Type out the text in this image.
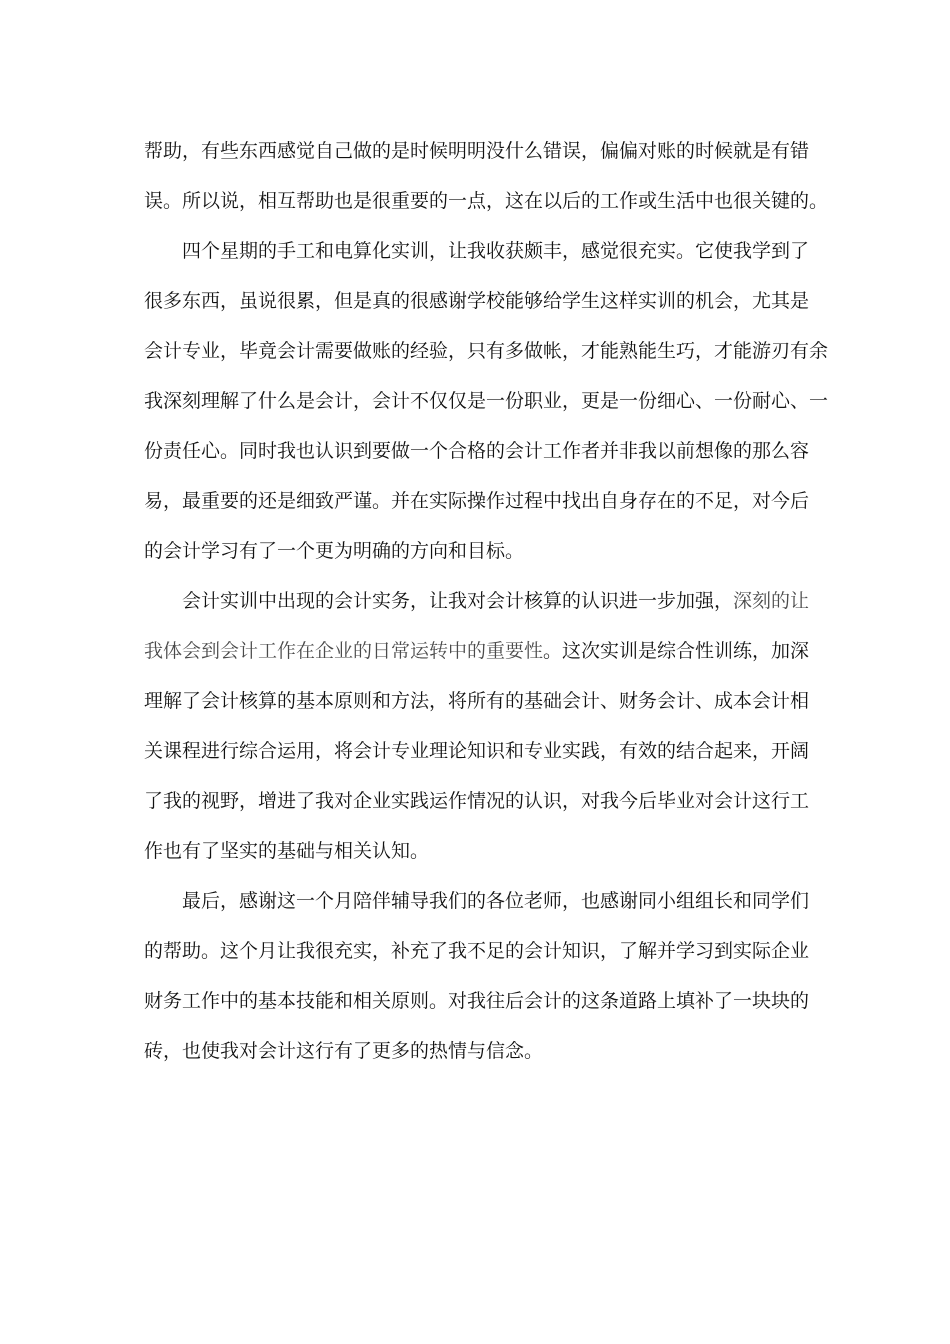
帮助，有些东西感觉自己做的是时候明明没什么错误，偏偏对账的时候就是有错
误。所以说，相互帮助也是很重要的一点，这在以后的工作或生活中也很关键的。
四个星期的手工和电算化实训，让我收获颇丰，感觉很充实。它使我学到了
很多东西，虽说很累，但是真的很感谢学校能够给学生这样实训的机会，尤其是
会计专业，毕竟会计需要做账的经验，只有多做帐，才能熟能生巧，才能游刃有余
我深刻理解了什么是会计，会计不仅仅是一份职业，更是一份细心、一份耐心、一
份责任心。同时我也认识到要做一个合格的会计工作者并非我以前想像的那么容
易，最重要的还是细致严谨。并在实际操作过程中找出自身存在的不足，对今后
的会计学习有了一个更为明确的方向和目标。
会计实训中出现的会计实务，让我对会计核算的认识进一步加强，深刻的让
我体会到会计工作在企业的日常运转中的重要性。这次实训是综合性训练，加深
理解了会计核算的基本原则和方法，将所有的基础会计、财务会计、成本会计相
关课程进行综合运用，将会计专业理论知识和专业实践，有效的结合起来，开阔
了我的视野，增进了我对企业实践运作情况的认识，对我今后毕业对会计这行工
作也有了坚实的基础与相关认知。
最后，感谢这一个月陪伴辅导我们的各位老师，也感谢同小组组长和同学们
的帮助。这个月让我很充实，补充了我不足的会计知识，了解并学习到实际企业
财务工作中的基本技能和相关原则。对我往后会计的这条道路上填补了一块块的
砖，也使我对会计这行有了更多的热情与信念。
